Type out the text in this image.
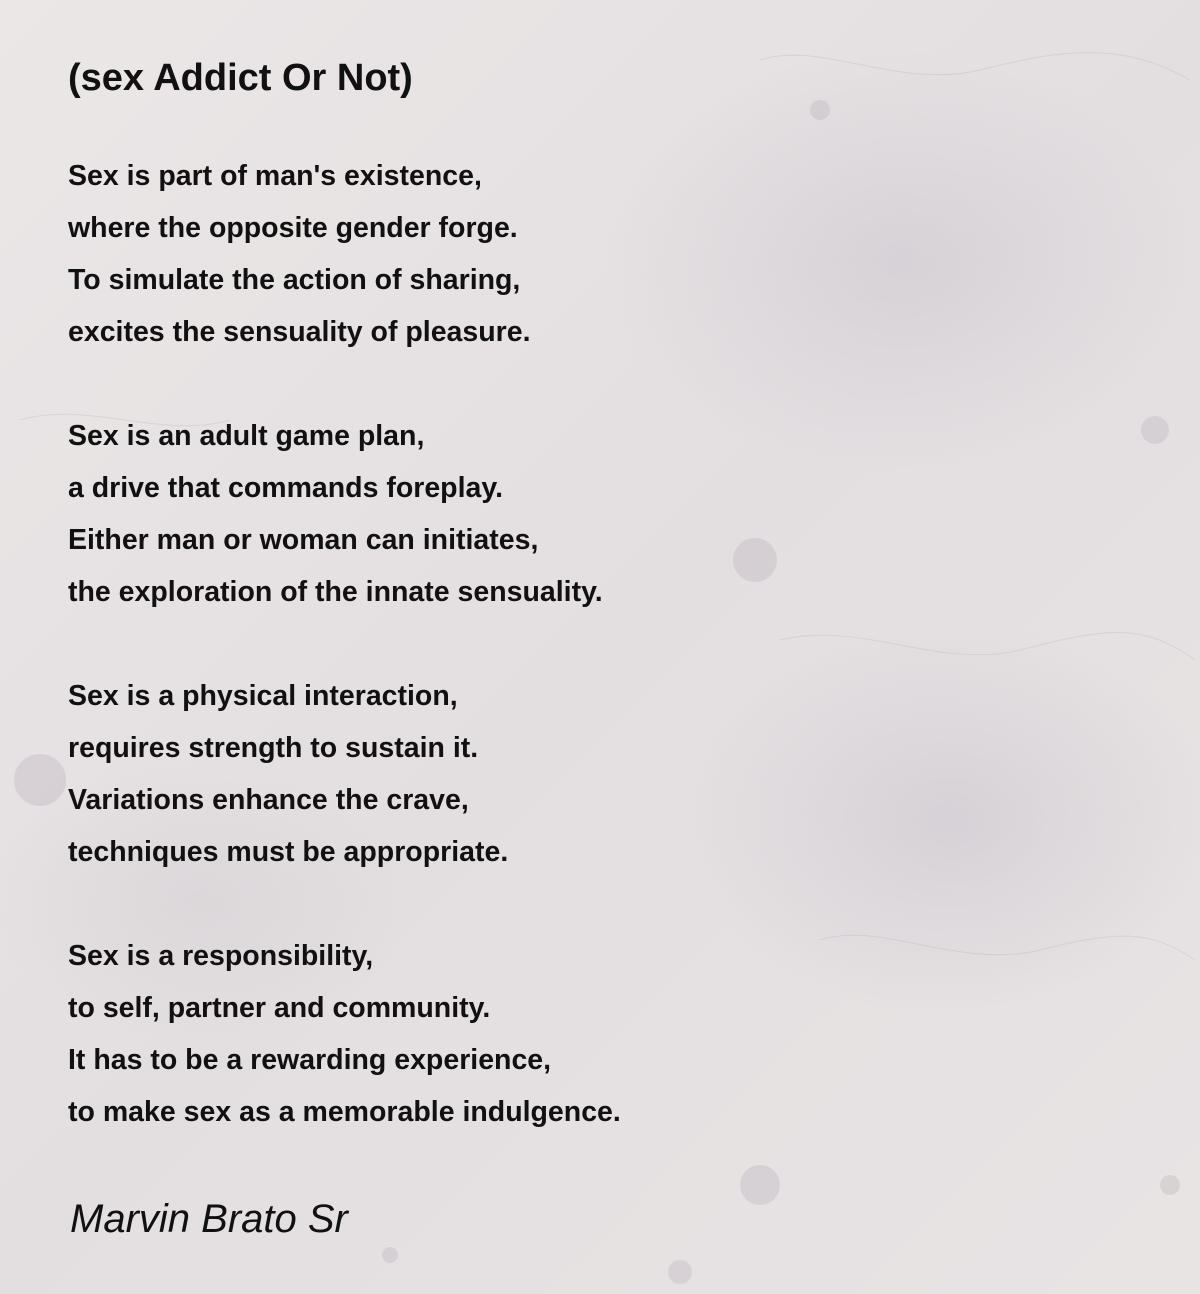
(sex Addict Or Not)
Sex is part of man's existence,
where the opposite gender forge.
To simulate the action of sharing,
excites the sensuality of pleasure.
Sex is an adult game plan,
a drive that commands foreplay.
Either man or woman can initiates,
the exploration of the innate sensuality.
Sex is a physical interaction,
requires strength to sustain it.
Variations enhance the crave,
techniques must be appropriate.
Sex is a responsibility,
to self, partner and community.
It has to be a rewarding experience,
to make sex as a memorable indulgence.

Marvin Brato Sr
